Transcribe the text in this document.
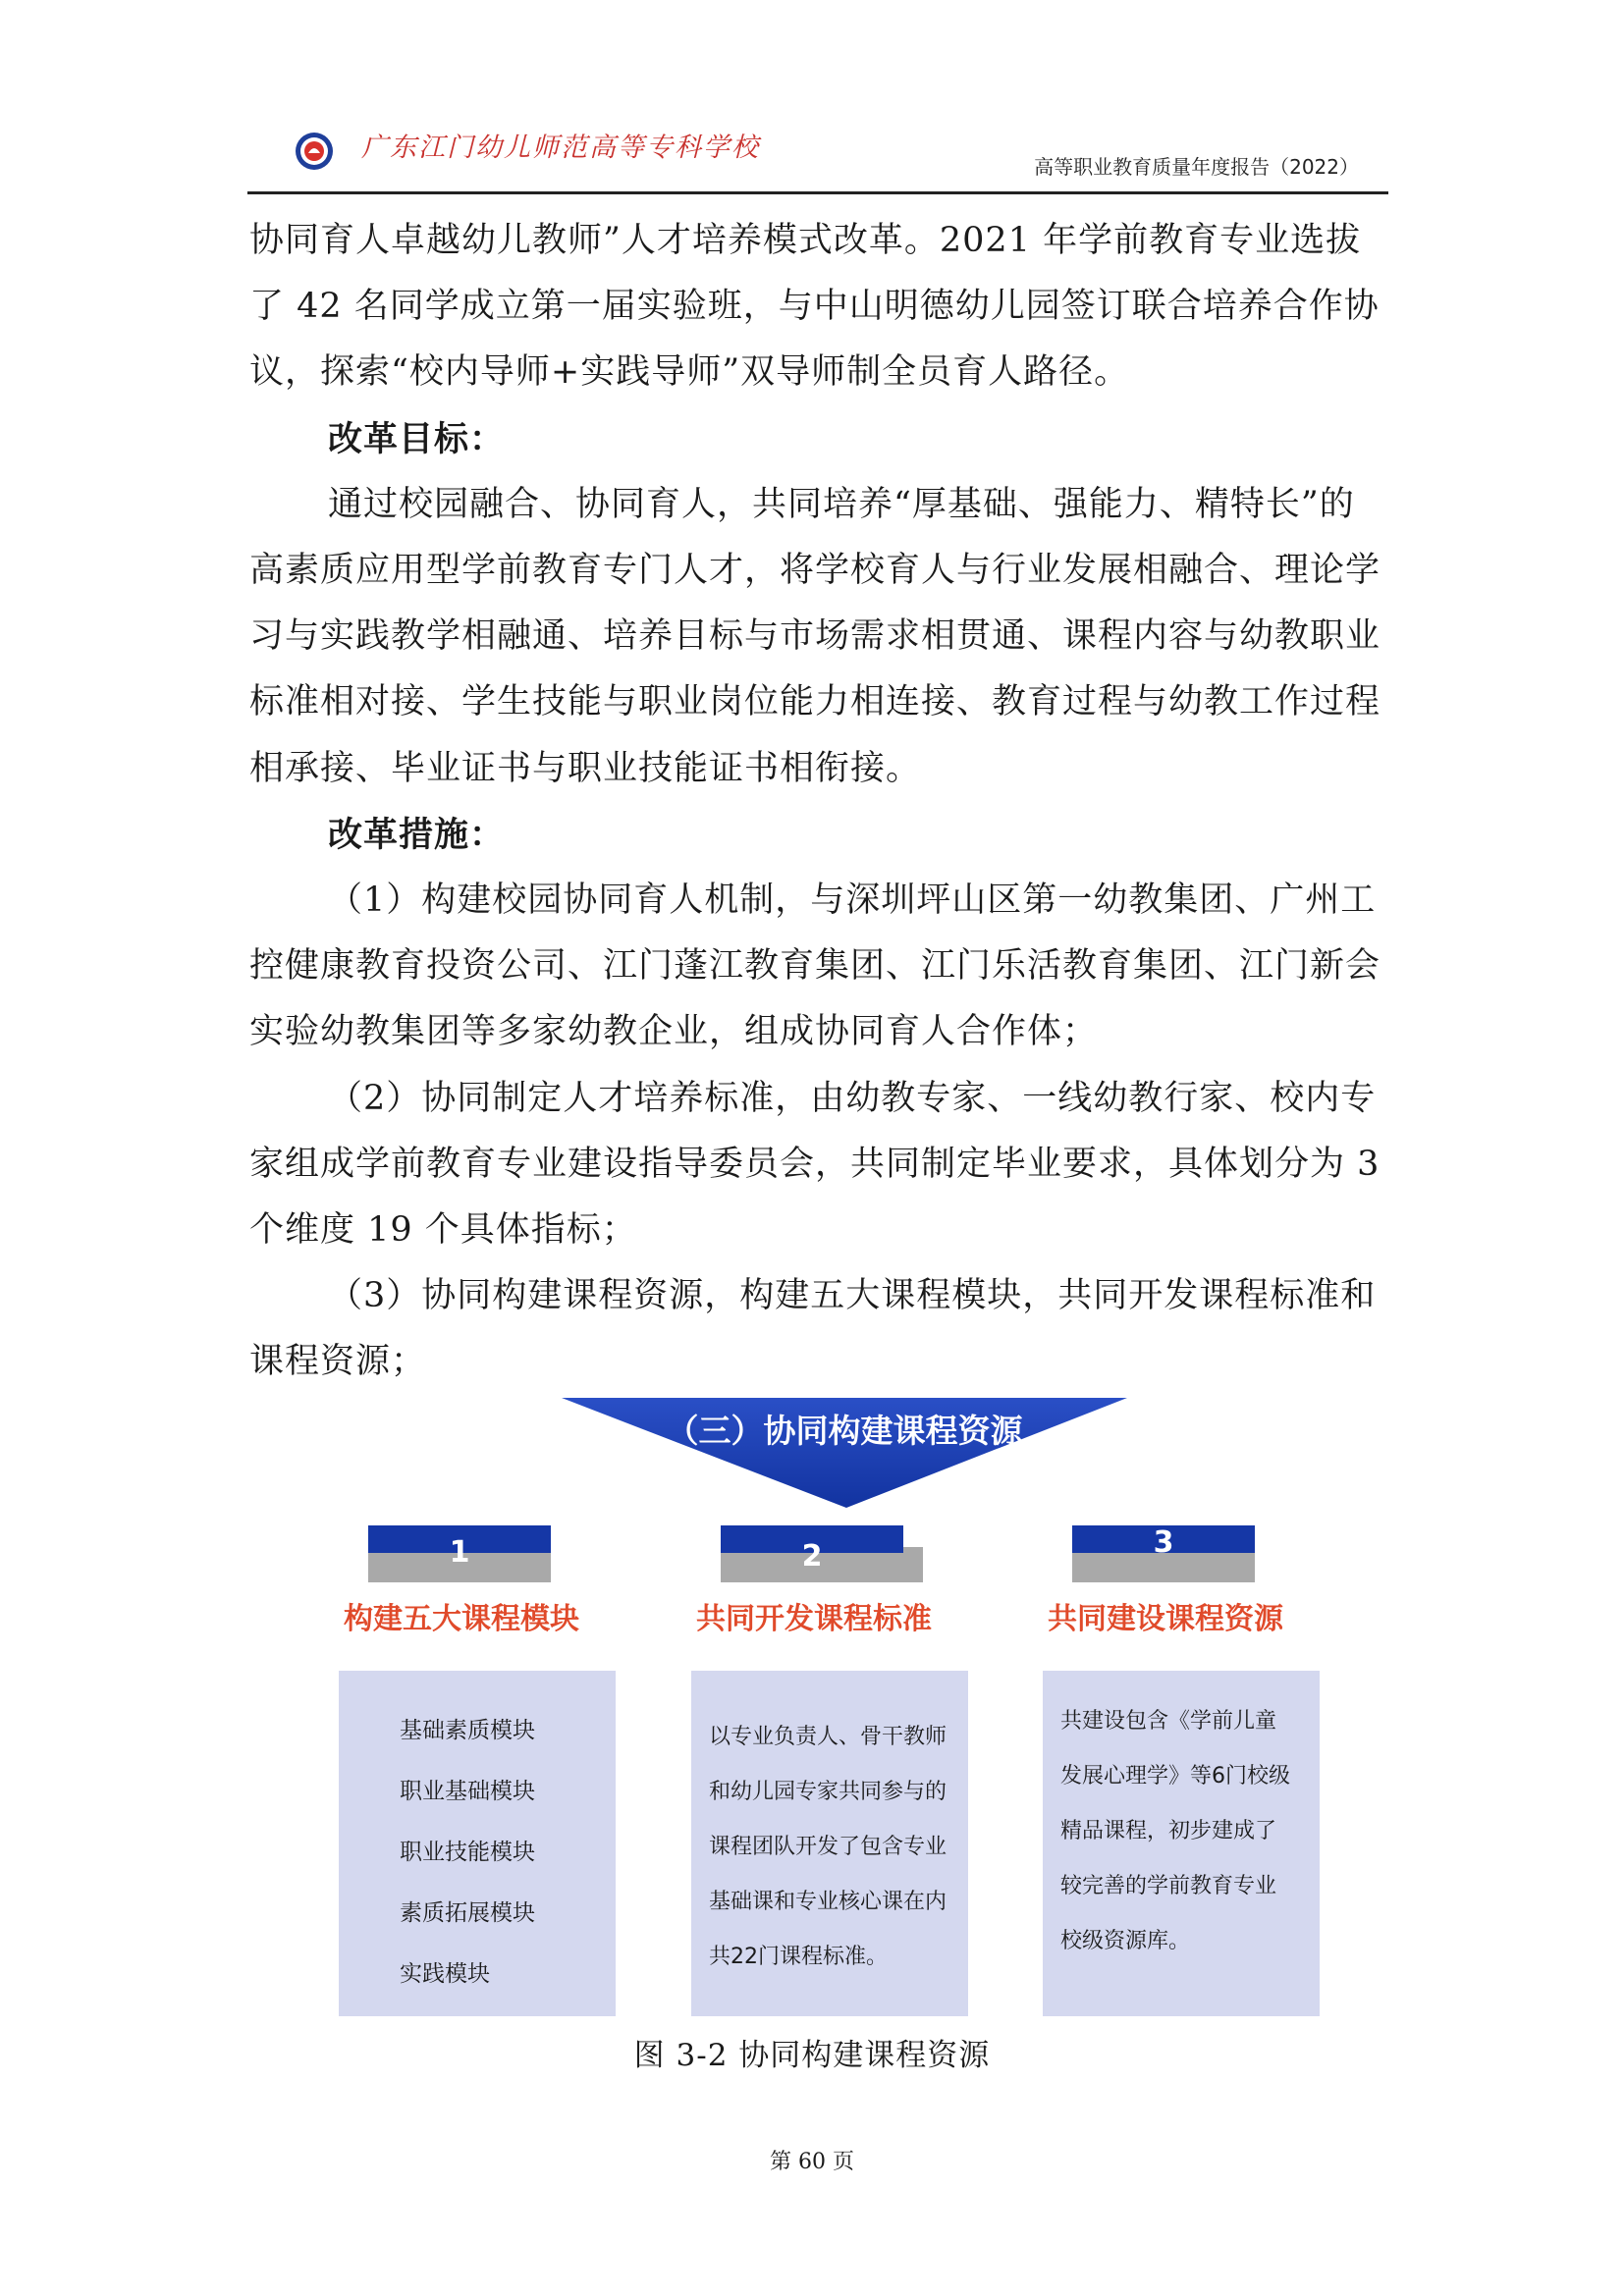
广东江门幼儿师范高等专科学校
高等职业教育质量年度报告（2022）

协同育人卓越幼儿教师”人才培养模式改革。2021 年学前教育专业选拔了 42 名同学成立第一届实验班，与中山明德幼儿园签订联合培养合作协议，探索“校内导师+实践导师”双导师制全员育人路径。

改革目标：

通过校园融合、协同育人，共同培养“厚基础、强能力、精特长”的高素质应用型学前教育专门人才，将学校育人与行业发展相融合、理论学习与实践教学相融通、培养目标与市场需求相贯通、课程内容与幼教职业标准相对接、学生技能与职业岗位能力相连接、教育过程与幼教工作过程相承接、毕业证书与职业技能证书相衔接。

改革措施：

（1）构建校园协同育人机制，与深圳坪山区第一幼教集团、广州工控健康教育投资公司、江门蓬江教育集团、江门乐活教育集团、江门新会实验幼教集团等多家幼教企业，组成协同育人合作体；

（2）协同制定人才培养标准，由幼教专家、一线幼教行家、校内专家组成学前教育专业建设指导委员会，共同制定毕业要求，具体划分为 3 个维度 19 个具体指标；

（3）协同构建课程资源，构建五大课程模块，共同开发课程标准和课程资源；

（三）协同构建课程资源
1
构建五大课程模块
基础素质模块
职业基础模块
职业技能模块
素质拓展模块
实践模块
2
共同开发课程标准
以专业负责人、骨干教师
和幼儿园专家共同参与的
课程团队开发了包含专业
基础课和专业核心课在内
共22门课程标准。
3
共同建设课程资源
共建设包含《学前儿童
发展心理学》等6门校级
精品课程，初步建成了
较完善的学前教育专业
校级资源库。
图 3-2 协同构建课程资源
第 60 页
